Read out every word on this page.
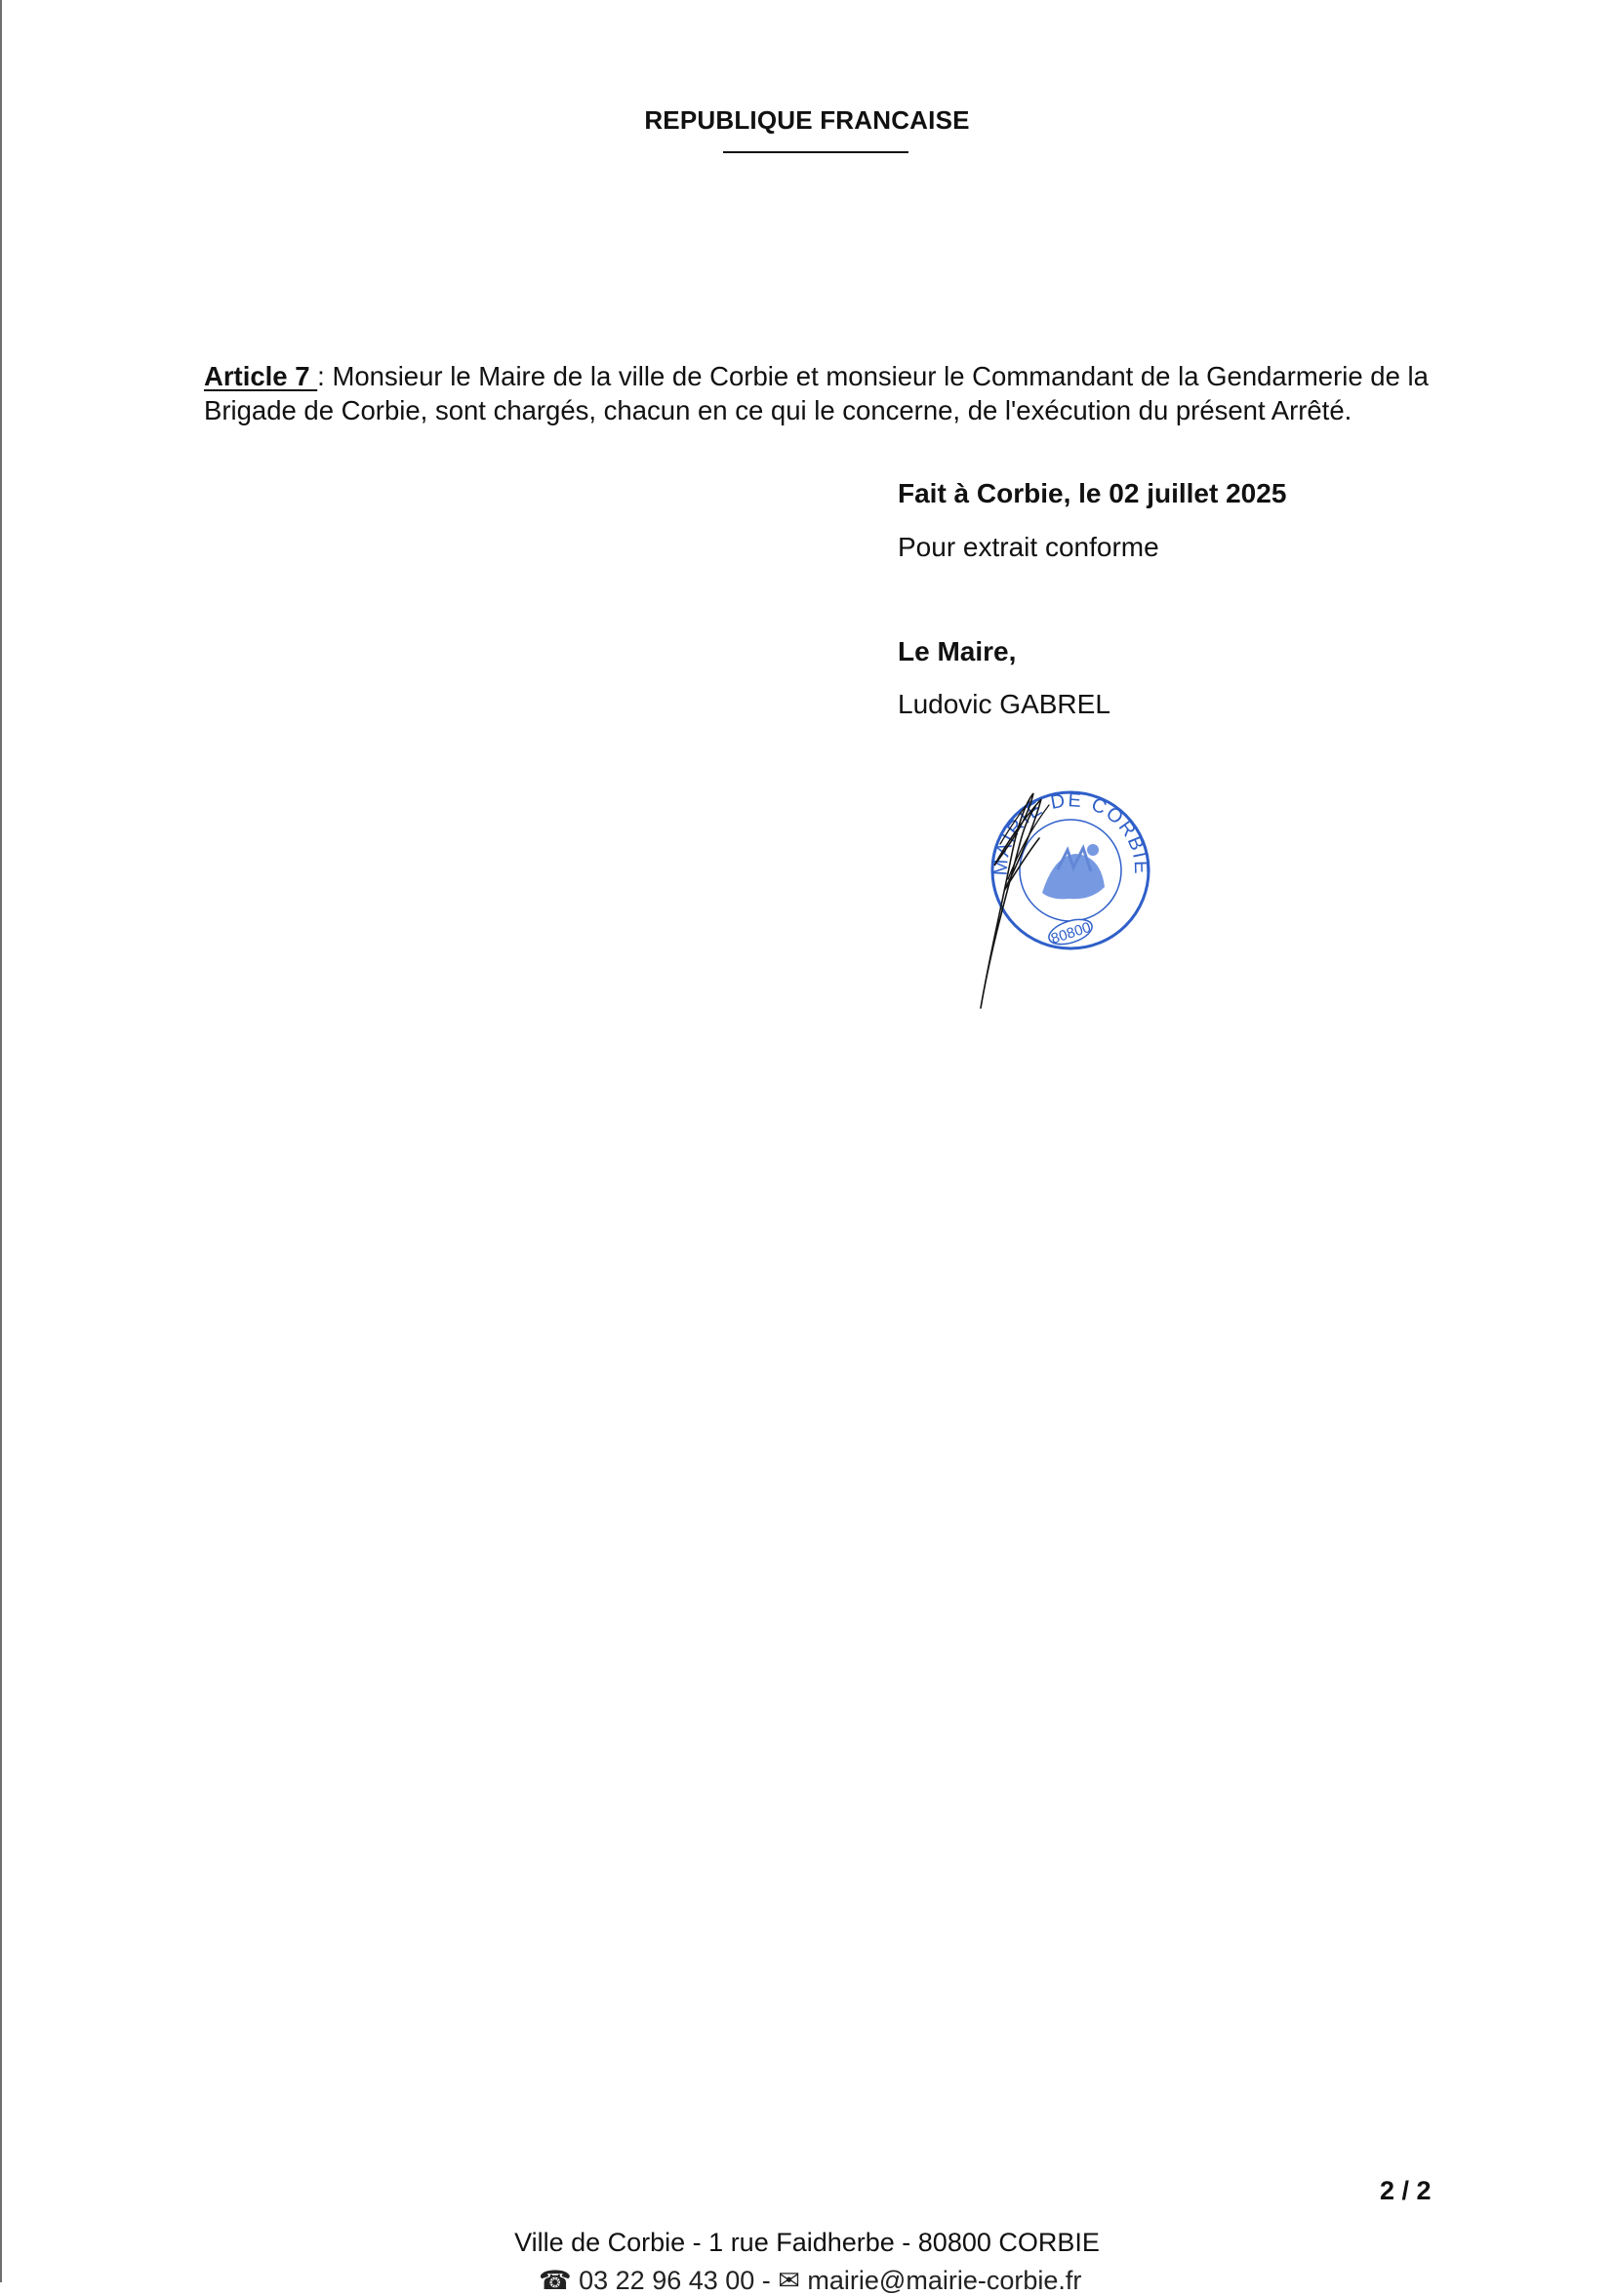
REPUBLIQUE FRANCAISE
Article 7 : Monsieur le Maire de la ville de Corbie et monsieur le Commandant de la Gendarmerie de la Brigade de Corbie, sont chargés, chacun en ce qui le concerne, de l'exécution du présent Arrêté.
Fait à Corbie, le 02 juillet 2025
Pour extrait conforme
Le Maire,
Ludovic GABREL
MAIRIE DE CORBIE
80800
2 / 2
Ville de Corbie - 1 rue Faidherbe - 80800 CORBIE
☎ 03 22 96 43 00 - ✉ mairie@mairie-corbie.fr
